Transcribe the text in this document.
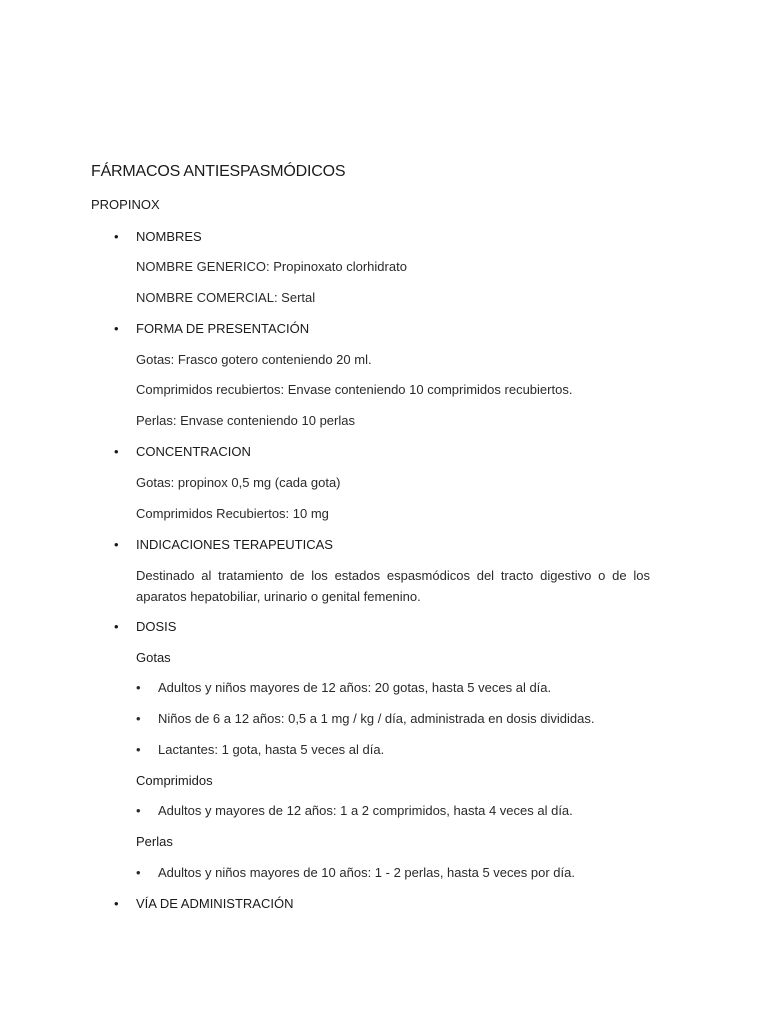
FÁRMACOS ANTIESPASMÓDICOS
PROPINOX
• NOMBRES
NOMBRE GENERICO: Propinoxato clorhidrato
NOMBRE COMERCIAL: Sertal
• FORMA DE PRESENTACIÓN
Gotas: Frasco gotero conteniendo 20 ml.
Comprimidos recubiertos: Envase conteniendo 10 comprimidos recubiertos.
Perlas: Envase conteniendo 10 perlas
• CONCENTRACION
Gotas: propinox 0,5 mg (cada gota)
Comprimidos Recubiertos: 10 mg
• INDICACIONES TERAPEUTICAS
Destinado al tratamiento de los estados espasmódicos del tracto digestivo o de los aparatos hepatobiliar, urinario o genital femenino.
• DOSIS
Gotas
• Adultos y niños mayores de 12 años: 20 gotas, hasta 5 veces al día.
• Niños de 6 a 12 años: 0,5 a 1 mg / kg / día, administrada en dosis divididas.
• Lactantes: 1 gota, hasta 5 veces al día.
Comprimidos
• Adultos y mayores de 12 años: 1 a 2 comprimidos, hasta 4 veces al día.
Perlas
• Adultos y niños mayores de 10 años: 1 - 2 perlas, hasta 5 veces por día.
• VÍA DE ADMINISTRACIÓN
